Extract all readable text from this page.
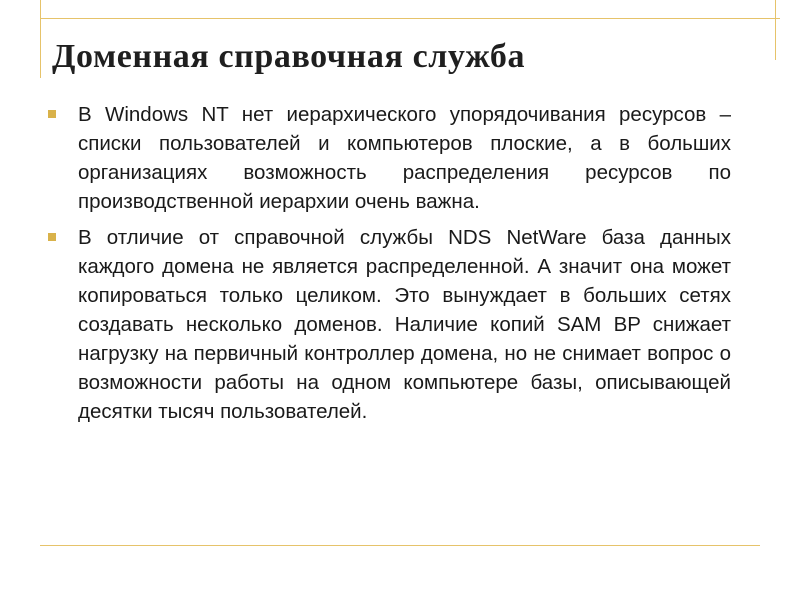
Доменная справочная служба
В Windows NT нет иерархического упорядочивания ресурсов – списки пользователей и компьютеров плоские, а в больших организациях возможность распределения ресурсов по производственной иерархии очень важна.
В отличие от справочной службы NDS NetWare база данных каждого домена не является распределенной. А значит она может копироваться только целиком. Это вынуждает в больших сетях создавать несколько доменов. Наличие копий SAM BP снижает нагрузку на первичный контроллер домена, но не снимает вопрос о возможности работы на одном компьютере базы, описывающей десятки тысяч пользователей.
